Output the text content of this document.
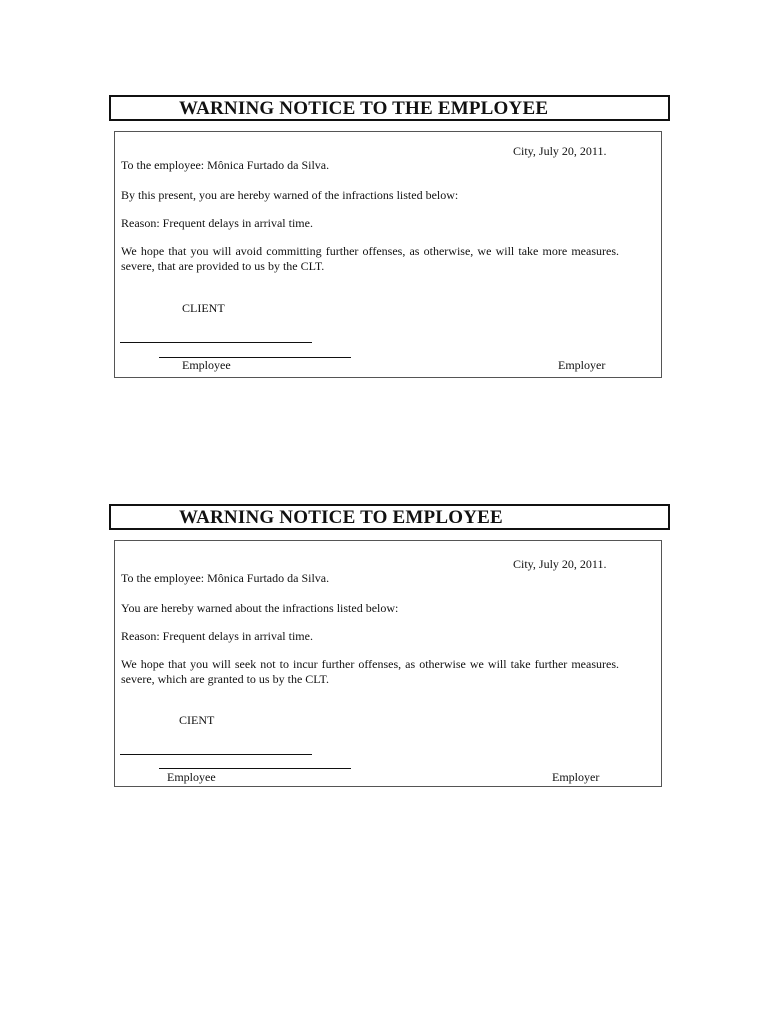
WARNING NOTICE TO THE EMPLOYEE
City, July 20, 2011.
To the employee: Mônica Furtado da Silva.
By this present, you are hereby warned of the infractions listed below:
Reason: Frequent delays in arrival time.
We hope that you will avoid committing further offenses, as otherwise, we will take more measures.
severe, that are provided to us by the CLT.
CLIENT
Employee	Employer
WARNING NOTICE TO EMPLOYEE
City, July 20, 2011.
To the employee: Mônica Furtado da Silva.
You are hereby warned about the infractions listed below:
Reason: Frequent delays in arrival time.
We hope that you will seek not to incur further offenses, as otherwise we will take further measures.
severe, which are granted to us by the CLT.
CIENT
Employee	Employer
